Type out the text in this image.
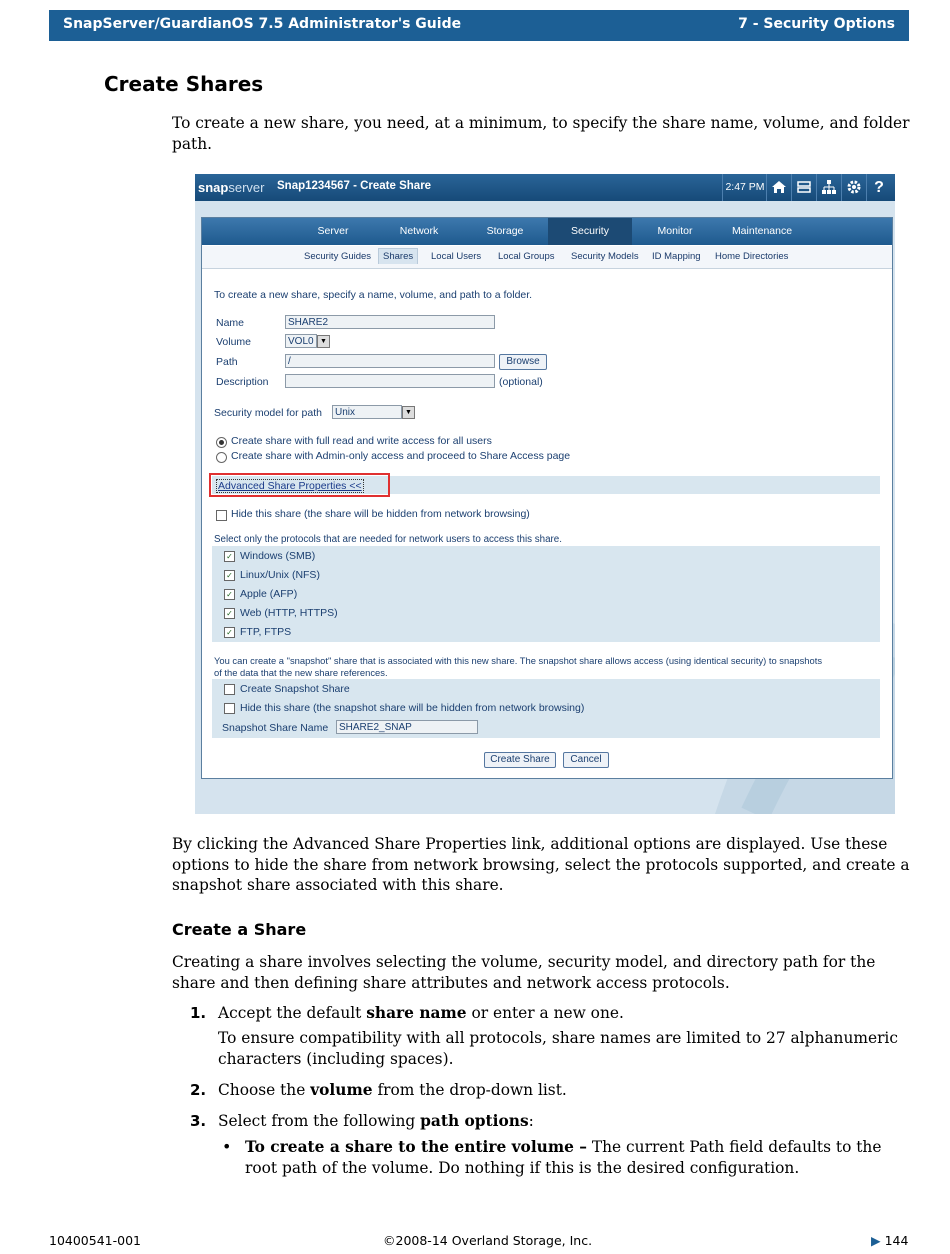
SnapServer/GuardianOS 7.5 Administrator's Guide	7 - Security Options
Create Shares

To create a new share, you need, at a minimum, to specify the share name, volume, and folder path.

snapserver Snap1234567 - Create Share	2:47 PM	?
Server	Network	Storage	Security	Monitor	Maintenance
Security Guides	Shares	Local Users Local Groups Security Models ID Mapping Home Directories
To create a new share, specify a name, volume, and path to a folder.
Name	SHARE2
Volume	VOL0 ▼
Path	/	Browse
Description	(optional)
Security model for path	Unix	▼
Create share with full read and write access for all users
Create share with Admin-only access and proceed to Share Access page
Advanced Share Properties <<
Hide this share (the share will be hidden from network browsing)
Select only the protocols that are needed for network users to access this share.
✓ Windows (SMB)
✓ Linux/Unix (NFS)
✓ Apple (AFP)
✓ Web (HTTP, HTTPS)
✓ FTP, FTPS
You can create a "snapshot" share that is associated with this new share. The snapshot share allows access (using identical security) to snapshots
of the data that the new share references.
Create Snapshot Share
Hide this share (the snapshot share will be hidden from network browsing)
Snapshot Share Name	SHARE2_SNAP
Create Share	Cancel

By clicking the Advanced Share Properties link, additional options are displayed. Use these options to hide the share from network browsing, select the protocols supported, and create a snapshot share associated with this share.

Create a Share

Creating a share involves selecting the volume, security model, and directory path for the share and then defining share attributes and network access protocols.

1. Accept the default share name or enter a new one.

To ensure compatibility with all protocols, share names are limited to 27 alphanumeric characters (including spaces).

2. Choose the volume from the drop-down list.

3. Select from the following path options:

• To create a share to the entire volume – The current Path field defaults to the root path of the volume. Do nothing if this is the desired configuration.

10400541-001	©2008-14 Overland Storage, Inc.	▶ 144
